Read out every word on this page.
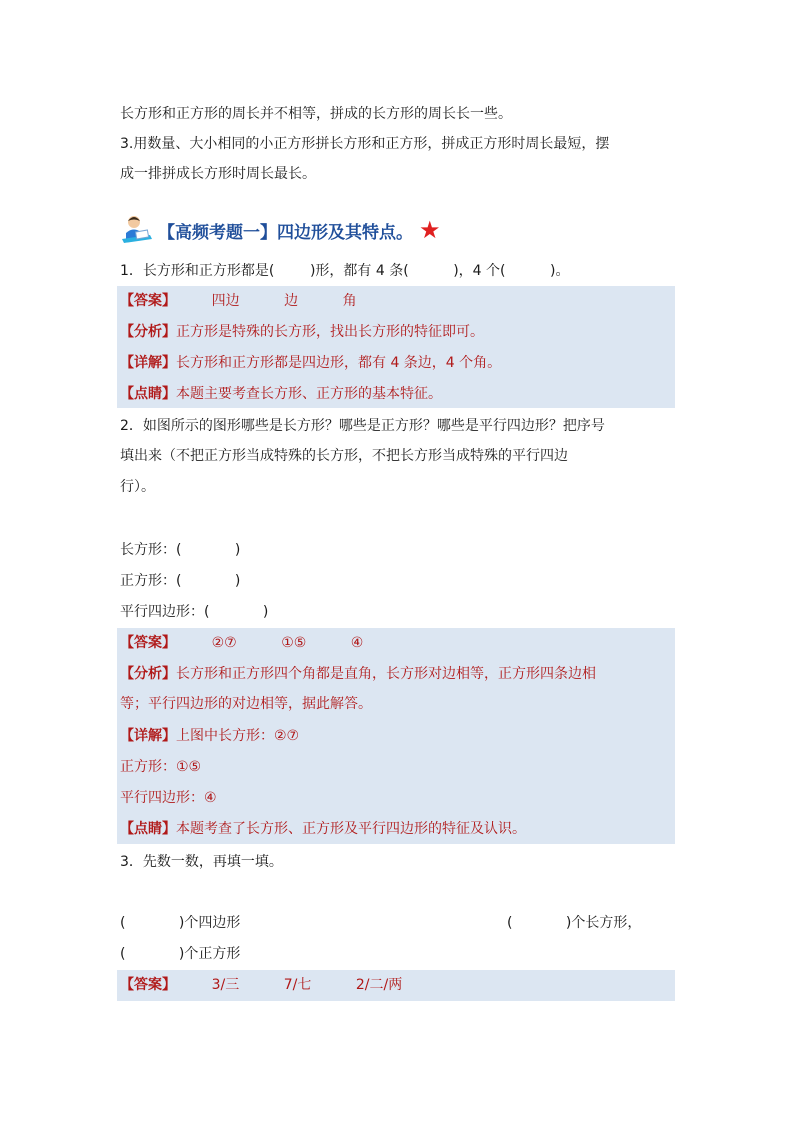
长方形和正方形的周长并不相等，拼成的长方形的周长长一些。
3.用数量、大小相同的小正方形拼长方形和正方形，拼成正方形时周长最短，摆
成一排拼成长方形时周长最长。
【高频考题一】四边形及其特点。 ★
1．长方形和正方形都是(        )形，都有 4 条(          )，4 个(          )。
【答案】        四边          边          角
【分析】正方形是特殊的长方形，找出长方形的特征即可。
【详解】长方形和正方形都是四边形，都有 4 条边，4 个角。
【点睛】本题主要考查长方形、正方形的基本特征。
2．如图所示的图形哪些是长方形？哪些是正方形？哪些是平行四边形？把序号
填出来（不把正方形当成特殊的长方形，不把长方形当成特殊的平行四边
行）。
长方形：(            )
正方形：(            )
平行四边形：(            )
【答案】        ②⑦          ①⑤          ④
【分析】长方形和正方形四个角都是直角，长方形对边相等，正方形四条边相
等；平行四边形的对边相等，据此解答。
【详解】上图中长方形：②⑦
正方形：①⑤
平行四边形：④
【点睛】本题考查了长方形、正方形及平行四边形的特征及认识。
3．先数一数，再填一填。
(            )个四边形	(            )个长方形，
(            )个正方形
【答案】        3/三          7/七          2/二/两
